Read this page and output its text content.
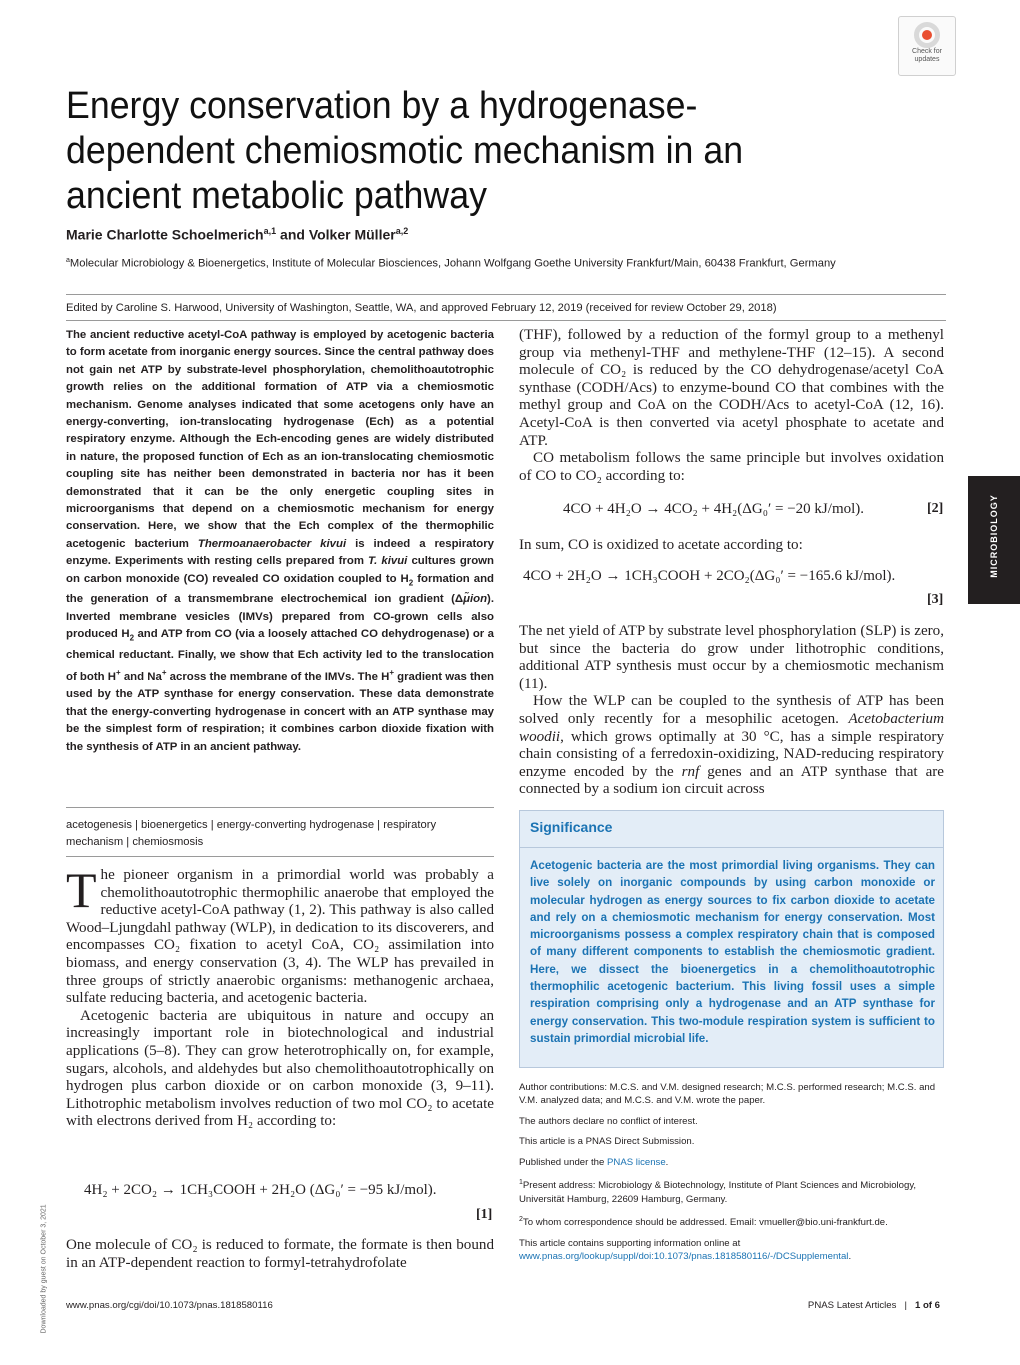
Check for
updates
Energy conservation by a hydrogenase-dependent chemiosmotic mechanism in an ancient metabolic pathway
Marie Charlotte Schoelmerich$^{a,1}$ and Volker Müller$^{a,2}$
$^a$Molecular Microbiology & Bioenergetics, Institute of Molecular Biosciences, Johann Wolfgang Goethe University Frankfurt/Main, 60438 Frankfurt, Germany
Edited by Caroline S. Harwood, University of Washington, Seattle, WA, and approved February 12, 2019 (received for review October 29, 2018)
The ancient reductive acetyl-CoA pathway is employed by acetogenic bacteria to form acetate from inorganic energy sources. Since the central pathway does not gain net ATP by substrate-level phosphorylation, chemolithoautotrophic growth relies on the additional formation of ATP via a chemiosmotic mechanism. Genome analyses indicated that some acetogens only have an energy-converting, ion-translocating hydrogenase (Ech) as a potential respiratory enzyme. Although the Ech-encoding genes are widely distributed in nature, the proposed function of Ech as an ion-translocating chemiosmotic coupling site has neither been demonstrated in bacteria nor has it been demonstrated that it can be the only energetic coupling sites in microorganisms that depend on a chemiosmotic mechanism for energy conservation. Here, we show that the Ech complex of the thermophilic acetogenic bacterium Thermoanaerobacter kivui is indeed a respiratory enzyme. Experiments with resting cells prepared from T. kivui cultures grown on carbon monoxide (CO) revealed CO oxidation coupled to $H_2$ formation and the generation of a transmembrane electrochemical ion gradient (Δμ̃ion). Inverted membrane vesicles (IMVs) prepared from CO-grown cells also produced $H_2$ and ATP from CO (via a loosely attached CO dehydrogenase) or a chemical reductant. Finally, we show that Ech activity led to the translocation of both H+ and Na+ across the membrane of the IMVs. The H+ gradient was then used by the ATP synthase for energy conservation. These data demonstrate that the energy-converting hydrogenase in concert with an ATP synthase may be the simplest form of respiration; it combines carbon dioxide fixation with the synthesis of ATP in an ancient pathway.
acetogenesis | bioenergetics | energy-converting hydrogenase | respiratory mechanism | chemiosmosis

The pioneer organism in a primordial world was probably a chemolithoautotrophic thermophilic anaerobe that employed the reductive acetyl-CoA pathway (1, 2). This pathway is also called Wood–Ljungdahl pathway (WLP), in dedication to its discoverers, and encompasses CO₂ fixation to acetyl CoA, CO₂ assimilation into biomass, and energy conservation (3, 4). The WLP has prevailed in three groups of strictly anaerobic organisms: methanogenic archaea, sulfate reducing bacteria, and acetogenic bacteria.

Acetogenic bacteria are ubiquitous in nature and occupy an increasingly important role in biotechnological and industrial applications (5–8). They can grow heterotrophically on, for example, sugars, alcohols, and aldehydes but also chemolithoautotrophically on hydrogen plus carbon dioxide or on carbon monoxide (3, 9–11). Lithotrophic metabolism involves reduction of two mol CO₂ to acetate with electrons derived from H₂ according to:

4H₂ + 2CO₂ → 1CH₃COOH + 2H₂O (ΔG₀′ = −95 kJ/mol).
[1]

One molecule of CO₂ is reduced to formate, the formate is then bound in an ATP-dependent reaction to formyl-tetrahydrofolate

(THF), followed by a reduction of the formyl group to a methenyl group via methenyl-THF and methylene-THF (12–15). A second molecule of CO₂ is reduced by the CO dehydrogenase/acetyl CoA synthase (CODH/Acs) to enzyme-bound CO that combines with the methyl group and CoA on the CODH/Acs to acetyl-CoA (12, 16). Acetyl-CoA is then converted via acetyl phosphate to acetate and ATP.

CO metabolism follows the same principle but involves oxidation of CO to CO₂ according to:

4CO + 4H₂O → 4CO₂ + 4H₂(ΔG₀′ = −20 kJ/mol).	[2]

In sum, CO is oxidized to acetate according to:

4CO + 2H₂O → 1CH₃COOH + 2CO₂(ΔG₀′ = −165.6 kJ/mol).
[3]

The net yield of ATP by substrate level phosphorylation (SLP) is zero, but since the bacteria do grow under lithotrophic conditions, additional ATP synthesis must occur by a chemiosmotic mechanism (11).

How the WLP can be coupled to the synthesis of ATP has been solved only recently for a mesophilic acetogen. Acetobacterium woodii, which grows optimally at 30 °C, has a simple respiratory chain consisting of a ferredoxin-oxidizing, NAD-reducing respiratory enzyme encoded by the rnf genes and an ATP synthase that are connected by a sodium ion circuit across

Significance
Acetogenic bacteria are the most primordial living organisms. They can live solely on inorganic compounds by using carbon monoxide or molecular hydrogen as energy sources to fix carbon dioxide to acetate and rely on a chemiosmotic mechanism for energy conservation. Most microorganisms possess a complex respiratory chain that is composed of many different components to establish the chemiosmotic gradient. Here, we dissect the bioenergetics in a chemolithoautotrophic thermophilic acetogenic bacterium. This living fossil uses a simple respiration comprising only a hydrogenase and an ATP synthase for energy conservation. This two-module respiration system is sufficient to sustain primordial microbial life.

Author contributions: M.C.S. and V.M. designed research; M.C.S. performed research; M.C.S. and V.M. analyzed data; and M.C.S. and V.M. wrote the paper.

The authors declare no conflict of interest.

This article is a PNAS Direct Submission.

Published under the PNAS license.

$^1$Present address: Microbiology & Biotechnology, Institute of Plant Sciences and Microbiology, Universität Hamburg, 22609 Hamburg, Germany.

$^2$To whom correspondence should be addressed. Email: vmueller@bio.uni-frankfurt.de.

This article contains supporting information online at www.pnas.org/lookup/suppl/doi:10.1073/pnas.1818580116/-/DCSupplemental.

MICROBIOLOGY
Downloaded by guest on October 3, 2021 www.pnas.org/cgi/doi/10.1073/pnas.1818580116	PNAS Latest Articles | 1 of 6
